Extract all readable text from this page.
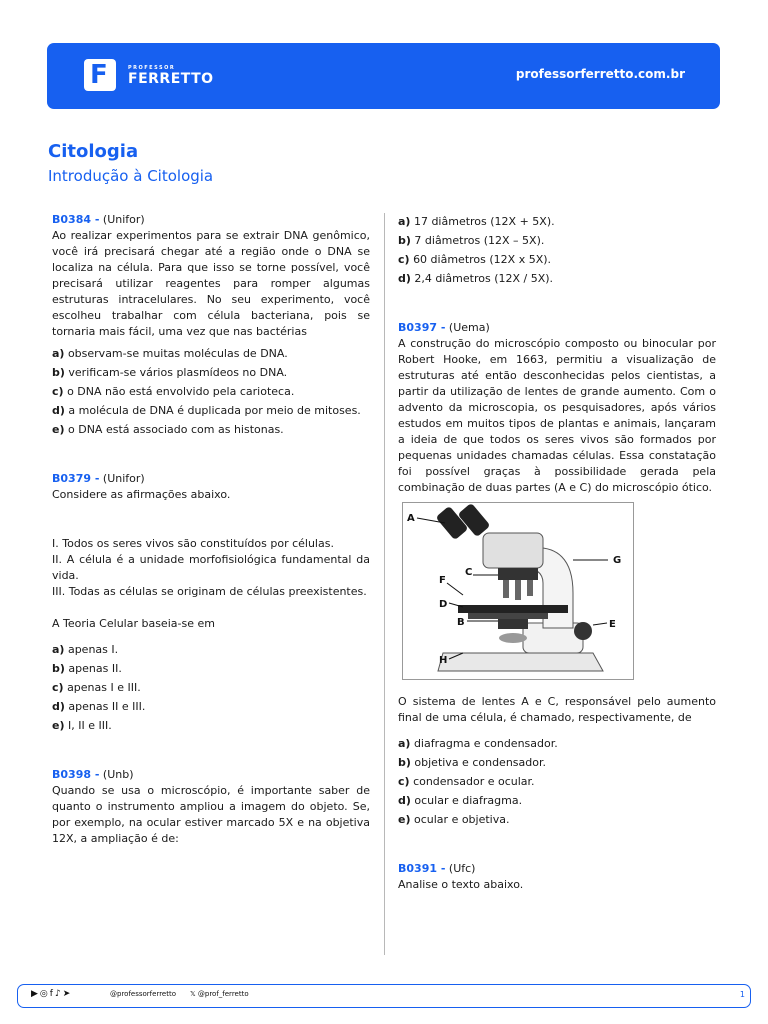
F	PROFESSOR
FERRETTO	professorferretto.com.br
Citologia
Introdução à Citologia

B0384 - (Unifor)

Ao realizar experimentos para se extrair DNA genômico, você irá precisará chegar até a região onde o DNA se localiza na célula. Para que isso se torne possível, você precisará utilizar reagentes para romper algumas estruturas intracelulares. No seu experimento, você escolheu trabalhar com célula bacteriana, pois se tornaria mais fácil, uma vez que nas bactérias

a) observam-se muitas moléculas de DNA.
b) verificam-se vários plasmídeos no DNA.
c) o DNA não está envolvido pela carioteca.
d) a molécula de DNA é duplicada por meio de mitoses.
e) o DNA está associado com as histonas.

B0379 - (Unifor)

Considere as afirmações abaixo.

I. Todos os seres vivos são constituídos por células.

II. A célula é a unidade morfofisiológica fundamental da vida.

III. Todas as células se originam de células preexistentes.

A Teoria Celular baseia-se em

a) apenas I.
b) apenas II.
c) apenas I e III.
d) apenas II e III.
e) I, II e III.

B0398 - (Unb)

Quando se usa o microscópio, é importante saber de quanto o instrumento ampliou a imagem do objeto. Se, por exemplo, na ocular estiver marcado 5X e na objetiva 12X, a ampliação é de:

a) 17 diâmetros (12X + 5X).
b) 7 diâmetros (12X – 5X).
c) 60 diâmetros (12X x 5X).
d) 2,4 diâmetros (12X / 5X).

B0397 - (Uema)

A construção do microscópio composto ou binocular por Robert Hooke, em 1663, permitiu a visualização de estruturas até então desconhecidas pelos cientistas, a partir da utilização de lentes de grande aumento. Com o advento da microscopia, os pesquisadores, após vários estudos em muitos tipos de plantas e animais, lançaram a ideia de que todos os seres vivos são formados por pequenas unidades chamadas células. Essa constatação foi possível graças à possibilidade gerada pela combinação de duas partes (A e C) do microscópio ótico.

A
G
F
C
D
B	E
H

O sistema de lentes A e C, responsável pelo aumento final de uma célula, é chamado, respectivamente, de

a) diafragma e condensador.
b) objetiva e condensador.
c) condensador e ocular.
d) ocular e diafragma.
e) ocular e objetiva.

B0391 - (Ufc)

Analise o texto abaixo.

▶◎f♪➤	@professorferretto 𝕏 @prof_ferretto	1
